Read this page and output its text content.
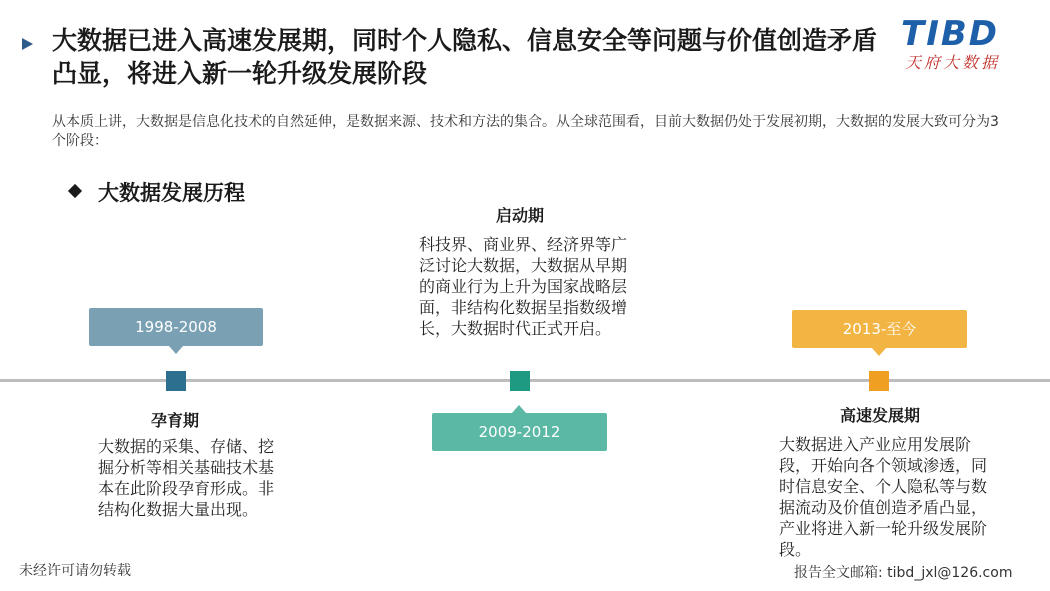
大数据已进入高速发展期，同时个人隐私、信息安全等问题与价值创造矛盾凸显，将进入新一轮升级发展阶段
TIBD
天府大数据
从本质上讲，大数据是信息化技术的自然延伸，是数据来源、技术和方法的集合。从全球范围看，目前大数据仍处于发展初期，大数据的发展大致可分为3个阶段：
大数据发展历程
1998-2008
孕育期
大数据的采集、存储、挖掘分析等相关基础技术基本在此阶段孕育形成。非结构化数据大量出现。
启动期
科技界、商业界、经济界等广泛讨论大数据，大数据从早期的商业行为上升为国家战略层面，非结构化数据呈指数级增长，大数据时代正式开启。
2009-2012
2013-至今
高速发展期
大数据进入产业应用发展阶段，开始向各个领域渗透，同时信息安全、个人隐私等与数据流动及价值创造矛盾凸显，产业将进入新一轮升级发展阶段。
未经许可请勿转载	报告全文邮箱: tibd_jxl@126.com
